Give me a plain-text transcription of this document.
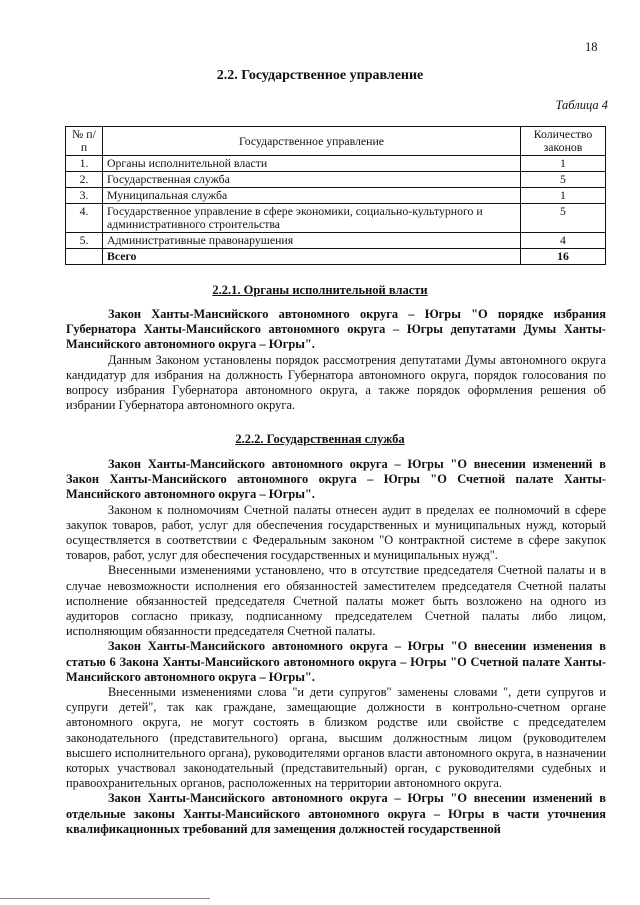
18
2.2. Государственное управление
Таблица 4
№ п/п	Государственное управление	Количество законов
1.	Органы исполнительной власти	1
2.	Государственная служба	5
3.	Муниципальная служба	1
4.	Государственное управление в сфере экономики, социально-культурного и административного строительства	5
5.	Административные правонарушения	4
	Всего	16
2.2.1. Органы исполнительной власти

Закон Ханты-Мансийского автономного округа – Югры "О порядке избрания Губернатора Ханты-Мансийского автономного округа – Югры депутатами Думы Ханты-Мансийского автономного округа – Югры".

Данным Законом установлены порядок рассмотрения депутатами Думы автономного округа кандидатур для избрания на должность Губернатора автономного округа, порядок голосования по вопросу избрания Губернатора автономного округа, а также порядок оформления решения об избрании Губернатора автономного округа.

2.2.2. Государственная служба

Закон Ханты-Мансийского автономного округа – Югры "О внесении изменений в Закон Ханты-Мансийского автономного округа – Югры "О Счетной палате Ханты-Мансийского автономного округа – Югры".

Законом к полномочиям Счетной палаты отнесен аудит в пределах ее полномочий в сфере закупок товаров, работ, услуг для обеспечения государственных и муниципальных нужд, который осуществляется в соответствии с Федеральным законом "О контрактной системе в сфере закупок товаров, работ, услуг для обеспечения государственных и муниципальных нужд".

Внесенными изменениями установлено, что в отсутствие председателя Счетной палаты и в случае невозможности исполнения его обязанностей заместителем председателя Счетной палаты исполнение обязанностей председателя Счетной палаты может быть возложено на одного из аудиторов согласно приказу, подписанному председателем Счетной палаты либо лицом, исполняющим обязанности председателя Счетной палаты.

Закон Ханты-Мансийского автономного округа – Югры "О внесении изменения в статью 6 Закона Ханты-Мансийского автономного округа – Югры "О Счетной палате Ханты-Мансийского автономного округа – Югры".

Внесенными изменениями слова "и дети супругов" заменены словами ", дети супругов и супруги детей", так как граждане, замещающие должности в контрольно-счетном органе автономного округа, не могут состоять в близком родстве или свойстве с председателем законодательного (представительного) органа, высшим должностным лицом (руководителем высшего исполнительного органа), руководителями органов власти автономного округа, в назначении которых участвовал законодательный (представительный) орган, с руководителями судебных и правоохранительных органов, расположенных на территории автономного округа.

Закон Ханты-Мансийского автономного округа – Югры "О внесении изменений в отдельные законы Ханты-Мансийского автономного округа – Югры в части уточнения квалификационных требований для замещения должностей государственной
